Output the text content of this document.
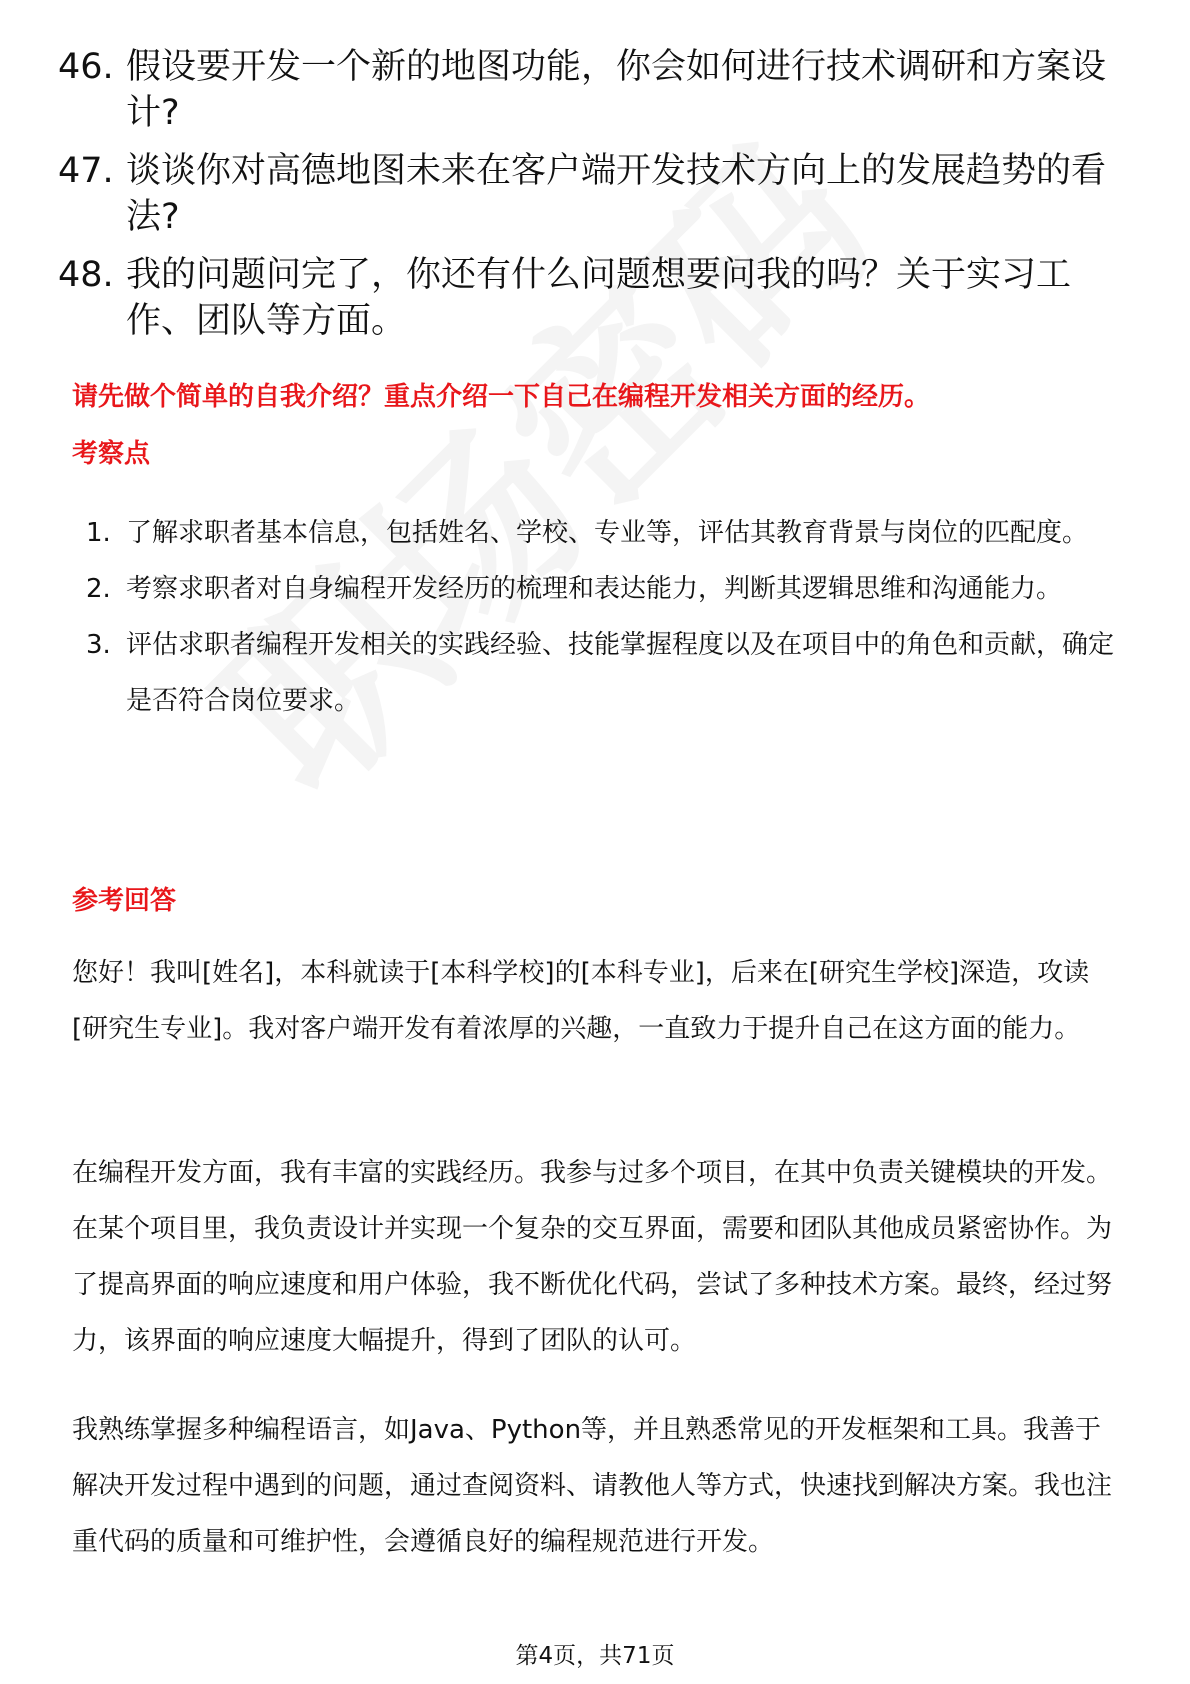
46. 假设要开发一个新的地图功能，你会如何进行技术调研和方案设计?
47. 谈谈你对高德地图未来在客户端开发技术方向上的发展趋势的看法?
48. 我的问题问完了，你还有什么问题想要问我的吗？关于实习工作、团队等方面。
请先做个简单的自我介绍？重点介绍一下自己在编程开发相关方面的经历。
考察点
1. 了解求职者基本信息，包括姓名、学校、专业等，评估其教育背景与岗位的匹配度。
2. 考察求职者对自身编程开发经历的梳理和表达能力，判断其逻辑思维和沟通能力。
3. 评估求职者编程开发相关的实践经验、技能掌握程度以及在项目中的角色和贡献，确定是否符合岗位要求。
参考回答
您好！我叫[姓名]，本科就读于[本科学校]的[本科专业]，后来在[研究生学校]深造，攻读[研究生专业]。我对客户端开发有着浓厚的兴趣，一直致力于提升自己在这方面的能力。
在编程开发方面，我有丰富的实践经历。我参与过多个项目，在其中负责关键模块的开发。在某个项目里，我负责设计并实现一个复杂的交互界面，需要和团队其他成员紧密协作。为了提高界面的响应速度和用户体验，我不断优化代码，尝试了多种技术方案。最终，经过努力，该界面的响应速度大幅提升，得到了团队的认可。
我熟练掌握多种编程语言，如Java、Python等，并且熟悉常见的开发框架和工具。我善于解决开发过程中遇到的问题，通过查阅资料、请教他人等方式，快速找到解决方案。我也注重代码的质量和可维护性，会遵循良好的编程规范进行开发。
第4页，共71页
